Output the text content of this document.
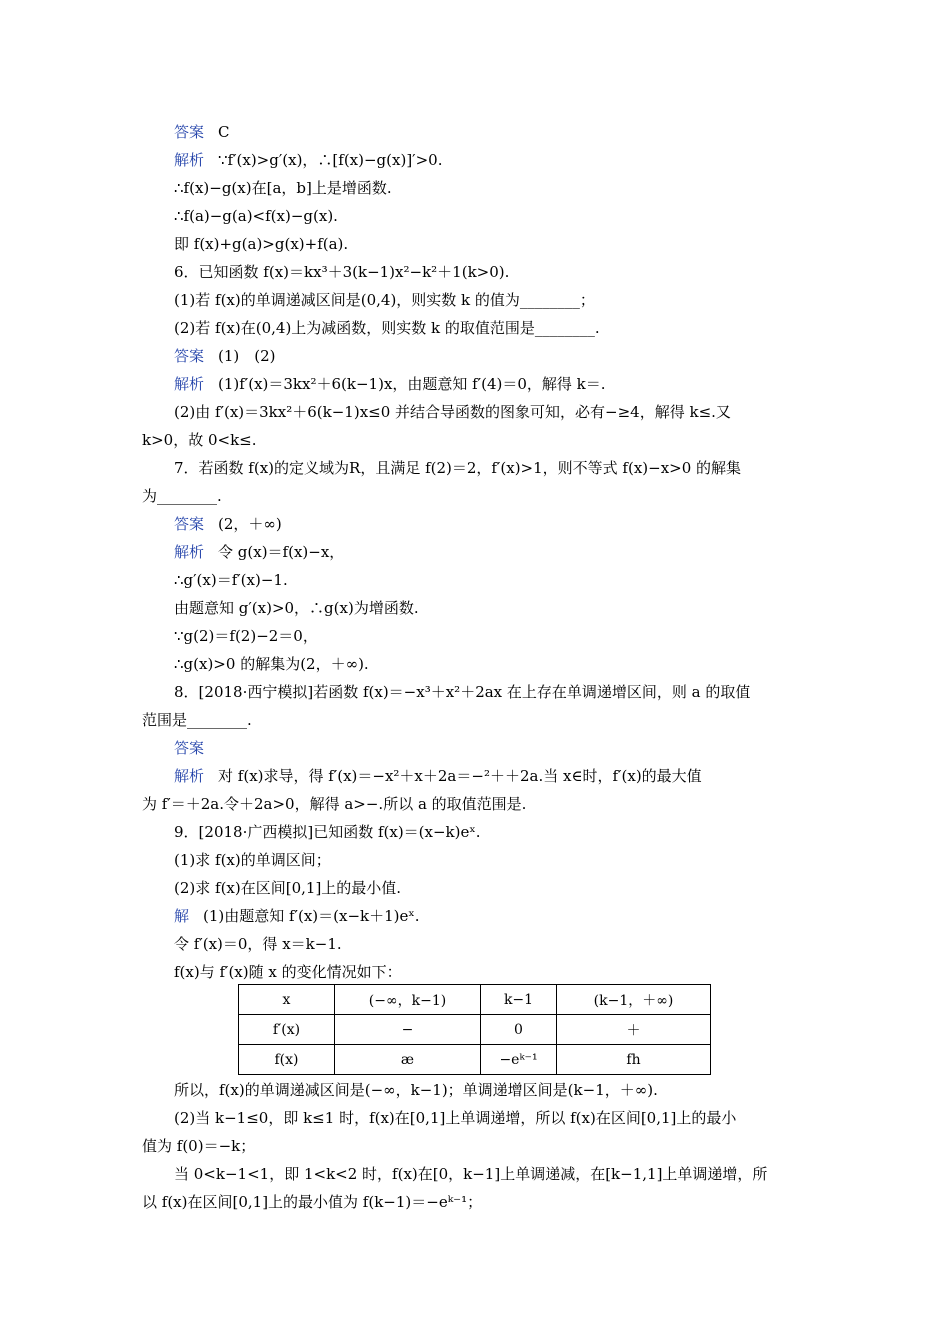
答案 C
解析 ∵f′(x)>g′(x)，∴[f(x)−g(x)]′>0.
∴f(x)−g(x)在[a，b]上是增函数.
∴f(a)−g(a)<f(x)−g(x).
即 f(x)+g(a)>g(x)+f(a).
6．已知函数 f(x)＝kx³＋3(k−1)x²−k²＋1(k>0).
(1)若 f(x)的单调递减区间是(0,4)，则实数 k 的值为________；
(2)若 f(x)在(0,4)上为减函数，则实数 k 的取值范围是________.
答案 (1)　(2)
解析 (1)f′(x)＝3kx²＋6(k−1)x，由题意知 f′(4)＝0，解得 k＝.
(2)由 f′(x)＝3kx²＋6(k−1)x≤0 并结合导函数的图象可知，必有−≥4，解得 k≤.又
k>0，故 0<k≤.
7．若函数 f(x)的定义域为R，且满足 f(2)＝2，f′(x)>1，则不等式 f(x)−x>0 的解集
为________.
答案 (2，＋∞)
解析 令 g(x)＝f(x)−x，
∴g′(x)＝f′(x)−1.
由题意知 g′(x)>0，∴g(x)为增函数.
∵g(2)＝f(2)−2＝0，
∴g(x)>0 的解集为(2，＋∞).
8．[2018·西宁模拟]若函数 f(x)＝−x³＋x²＋2ax 在上存在单调递增区间，则 a 的取值
范围是________.
答案
解析 对 f(x)求导，得 f′(x)＝−x²＋x＋2a＝−²＋＋2a.当 x∈时，f′(x)的最大值
为 f′＝＋2a.令＋2a>0，解得 a>−.所以 a 的取值范围是.
9．[2018·广西模拟]已知函数 f(x)＝(x−k)eˣ.
(1)求 f(x)的单调区间；
(2)求 f(x)在区间[0,1]上的最小值.
解 (1)由题意知 f′(x)＝(x−k＋1)eˣ.
令 f′(x)＝0，得 x＝k−1.
f(x)与 f′(x)随 x 的变化情况如下：
x	(−∞，k−1)	k−1	(k−1，＋∞)
f′(x)	−	0	＋
f(x)	æ	−eᵏ⁻¹	fh
所以，f(x)的单调递减区间是(−∞，k−1)；单调递增区间是(k−1，＋∞).
(2)当 k−1≤0，即 k≤1 时，f(x)在[0,1]上单调递增，所以 f(x)在区间[0,1]上的最小
值为 f(0)＝−k；
当 0<k−1<1，即 1<k<2 时，f(x)在[0，k−1]上单调递减，在[k−1,1]上单调递增，所
以 f(x)在区间[0,1]上的最小值为 f(k−1)＝−eᵏ⁻¹；
